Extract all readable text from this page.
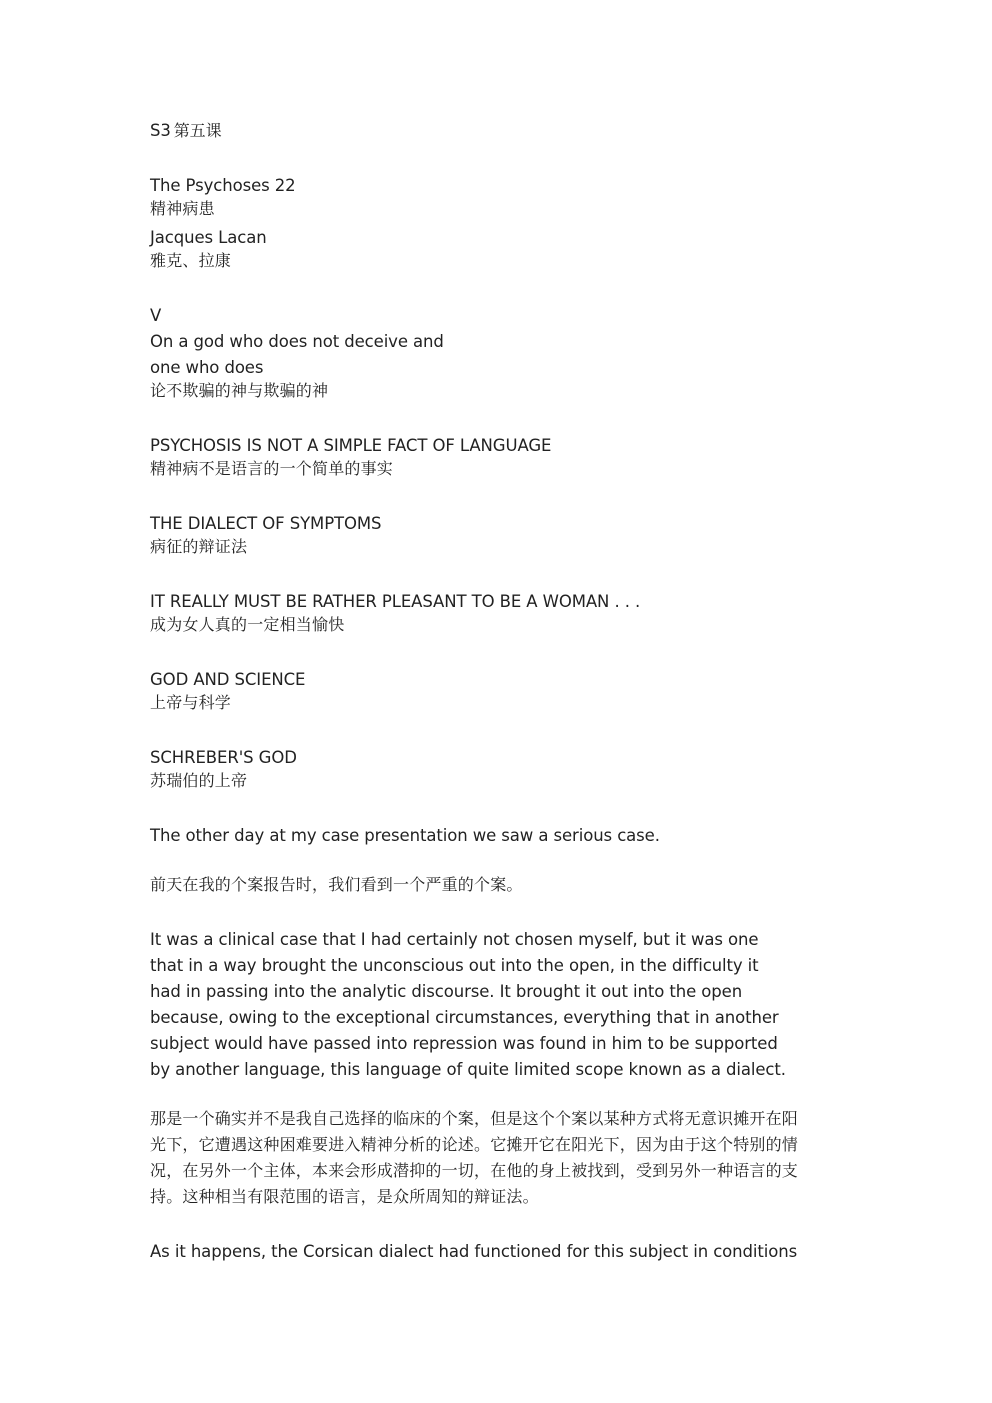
S3 第五课
The Psychoses 22
精神病患
Jacques Lacan
雅克、拉康
V
On a god who does not deceive and
one who does
论不欺骗的神与欺骗的神
PSYCHOSIS IS NOT A SIMPLE FACT OF LANGUAGE
精神病不是语言的一个简单的事实
THE DIALECT OF SYMPTOMS
病征的辩证法
IT REALLY MUST BE RATHER PLEASANT TO BE A WOMAN . . .
成为女人真的一定相当愉快
GOD AND SCIENCE
上帝与科学
SCHREBER'S GOD
苏瑞伯的上帝
The other day at my case presentation we saw a serious case.
前天在我的个案报告时，我们看到一个严重的个案。
It was a clinical case that I had certainly not chosen myself, but it was one
that in a way brought the unconscious out into the open, in the difficulty it
had in passing into the analytic discourse. It brought it out into the open
because, owing to the exceptional circumstances, everything that in another
subject would have passed into repression was found in him to be supported
by another language, this language of quite limited scope known as a dialect.
那是一个确实并不是我自己选择的临床的个案，但是这个个案以某种方式将无意识摊开在阳
光下，它遭遇这种困难要进入精神分析的论述。它摊开它在阳光下，因为由于这个特别的情
况，在另外一个主体，本来会形成潜抑的一切，在他的身上被找到，受到另外一种语言的支
持。这种相当有限范围的语言，是众所周知的辩证法。
As it happens, the Corsican dialect had functioned for this subject in conditions
